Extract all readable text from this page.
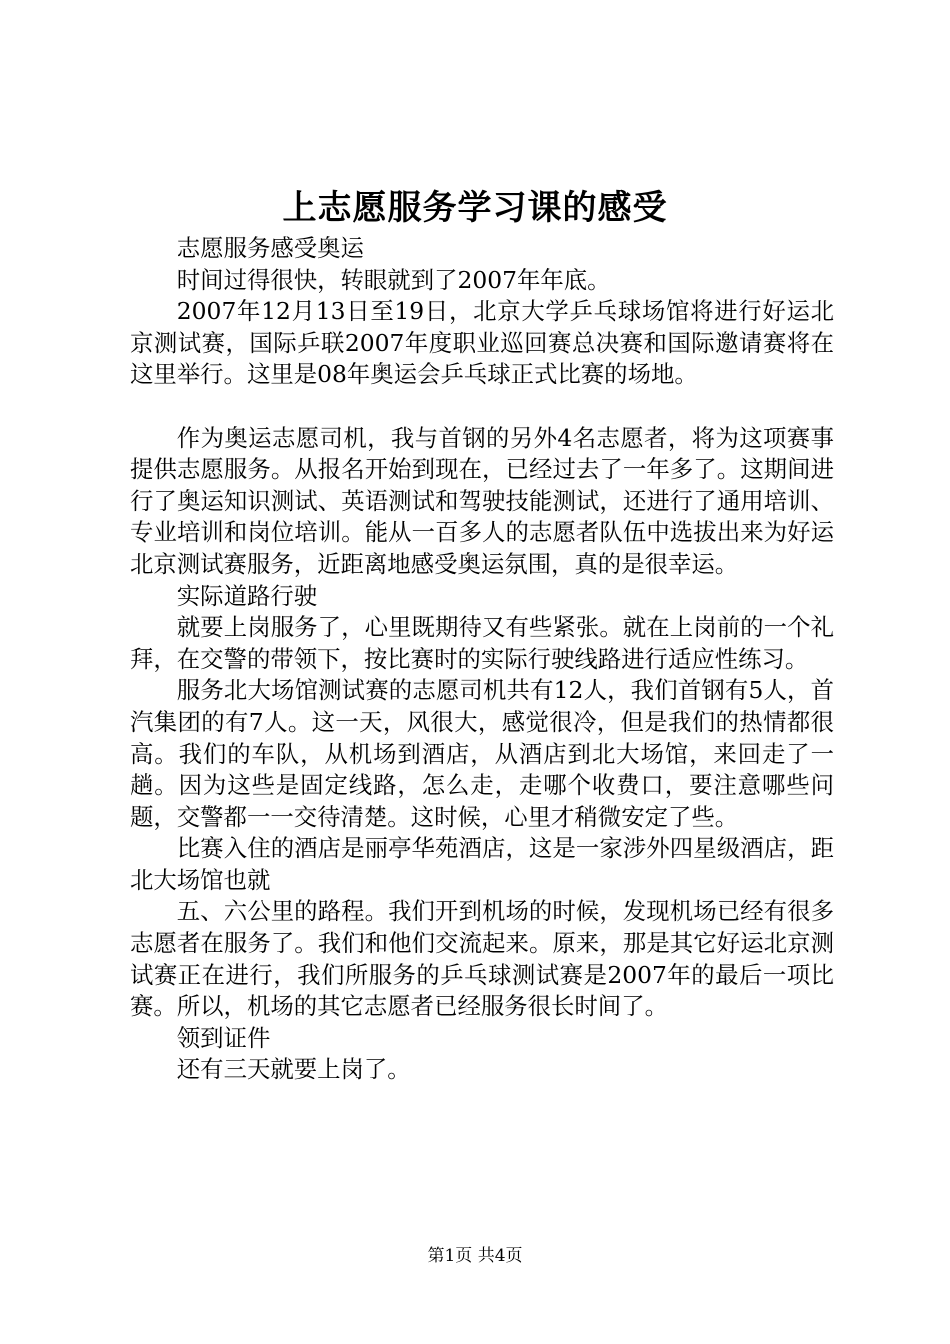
上志愿服务学习课的感受

志愿服务感受奥运

时间过得很快，转眼就到了2007年年底。

2007年12月13日至19日，北京大学乒乓球场馆将进行好运北京测试赛，国际乒联2007年度职业巡回赛总决赛和国际邀请赛将在这里举行。这里是08年奥运会乒乓球正式比赛的场地。

作为奥运志愿司机，我与首钢的另外4名志愿者，将为这项赛事提供志愿服务。从报名开始到现在，已经过去了一年多了。这期间进行了奥运知识测试、英语测试和驾驶技能测试，还进行了通用培训、专业培训和岗位培训。能从一百多人的志愿者队伍中选拔出来为好运北京测试赛服务，近距离地感受奥运氛围，真的是很幸运。

实际道路行驶

就要上岗服务了，心里既期待又有些紧张。就在上岗前的一个礼拜，在交警的带领下，按比赛时的实际行驶线路进行适应性练习。

服务北大场馆测试赛的志愿司机共有12人，我们首钢有5人，首汽集团的有7人。这一天，风很大，感觉很冷，但是我们的热情都很高。我们的车队，从机场到酒店，从酒店到北大场馆，来回走了一趟。因为这些是固定线路，怎么走，走哪个收费口，要注意哪些问题，交警都一一交待清楚。这时候，心里才稍微安定了些。

比赛入住的酒店是丽亭华苑酒店，这是一家涉外四星级酒店，距北大场馆也就

五、六公里的路程。我们开到机场的时候，发现机场已经有很多志愿者在服务了。我们和他们交流起来。原来，那是其它好运北京测试赛正在进行，我们所服务的乒乓球测试赛是2007年的最后一项比赛。所以，机场的其它志愿者已经服务很长时间了。

领到证件

还有三天就要上岗了。

第1页 共4页
